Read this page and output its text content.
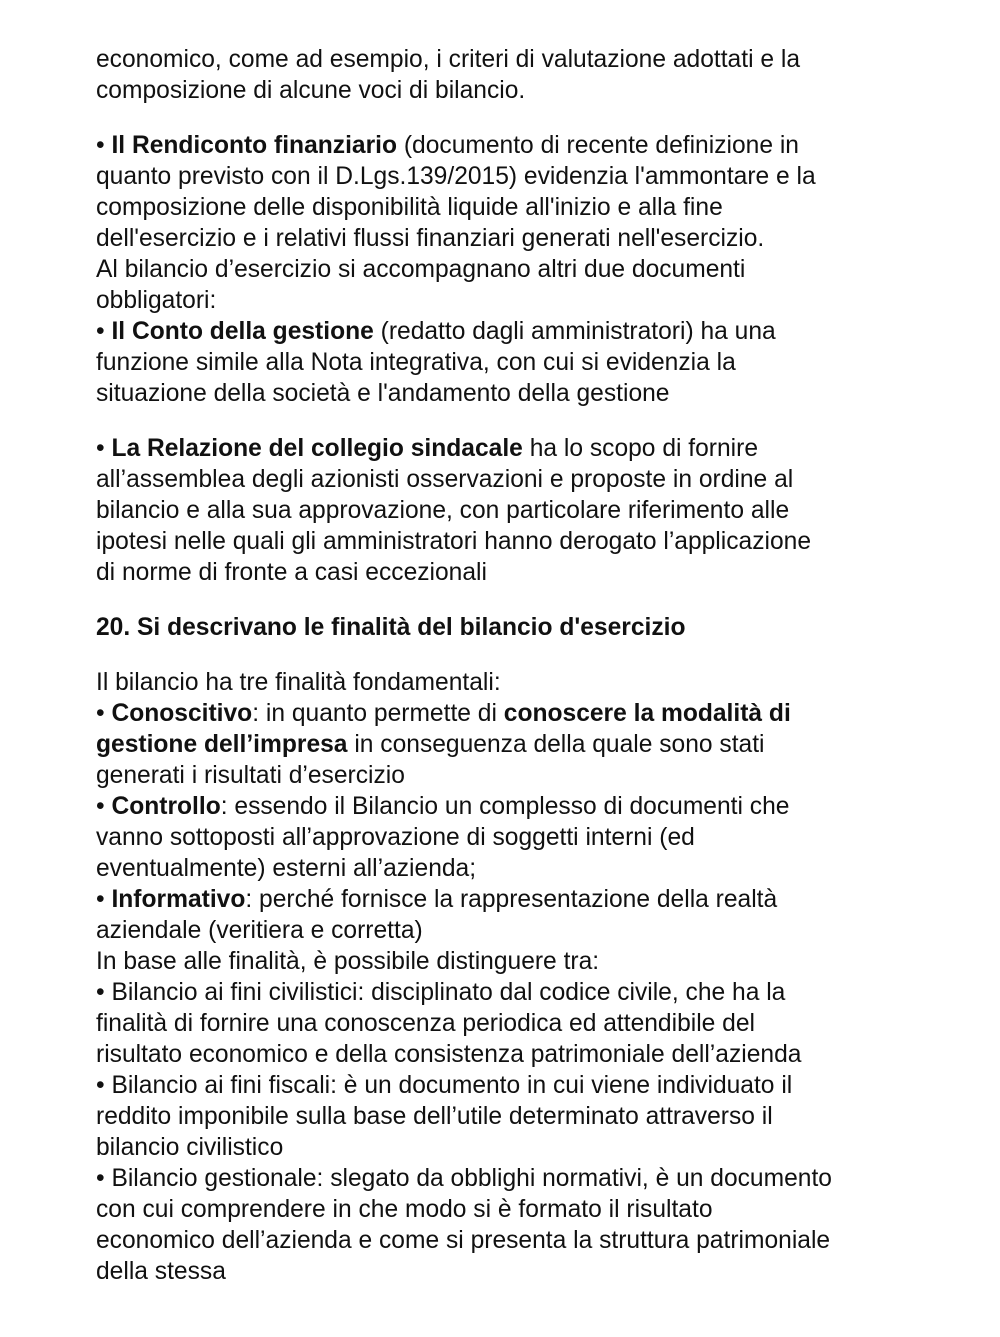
economico, come ad esempio, i criteri di valutazione adottati e la
composizione di alcune voci di bilancio.

• Il Rendiconto finanziario (documento di recente definizione in
quanto previsto con il D.Lgs.139/2015) evidenzia l'ammontare e la
composizione delle disponibilità liquide all'inizio e alla fine
dell'esercizio e i relativi flussi finanziari generati nell'esercizio.
Al bilancio d’esercizio si accompagnano altri due documenti
obbligatori:
• Il Conto della gestione (redatto dagli amministratori) ha una
funzione simile alla Nota integrativa, con cui si evidenzia la
situazione della società e l'andamento della gestione

• La Relazione del collegio sindacale ha lo scopo di fornire
all’assemblea degli azionisti osservazioni e proposte in ordine al
bilancio e alla sua approvazione, con particolare riferimento alle
ipotesi nelle quali gli amministratori hanno derogato l’applicazione
di norme di fronte a casi eccezionali

20. Si descrivano le finalità del bilancio d'esercizio

Il bilancio ha tre finalità fondamentali:
• Conoscitivo: in quanto permette di conoscere la modalità di
gestione dell’impresa in conseguenza della quale sono stati
generati i risultati d’esercizio
• Controllo: essendo il Bilancio un complesso di documenti che
vanno sottoposti all’approvazione di soggetti interni (ed
eventualmente) esterni all’azienda;
• Informativo: perché fornisce la rappresentazione della realtà
aziendale (veritiera e corretta)
In base alle finalità, è possibile distinguere tra:
• Bilancio ai fini civilistici: disciplinato dal codice civile, che ha la
finalità di fornire una conoscenza periodica ed attendibile del
risultato economico e della consistenza patrimoniale dell’azienda
• Bilancio ai fini fiscali: è un documento in cui viene individuato il
reddito imponibile sulla base dell’utile determinato attraverso il
bilancio civilistico
• Bilancio gestionale: slegato da obblighi normativi, è un documento
con cui comprendere in che modo si è formato il risultato
economico dell’azienda e come si presenta la struttura patrimoniale
della stessa
